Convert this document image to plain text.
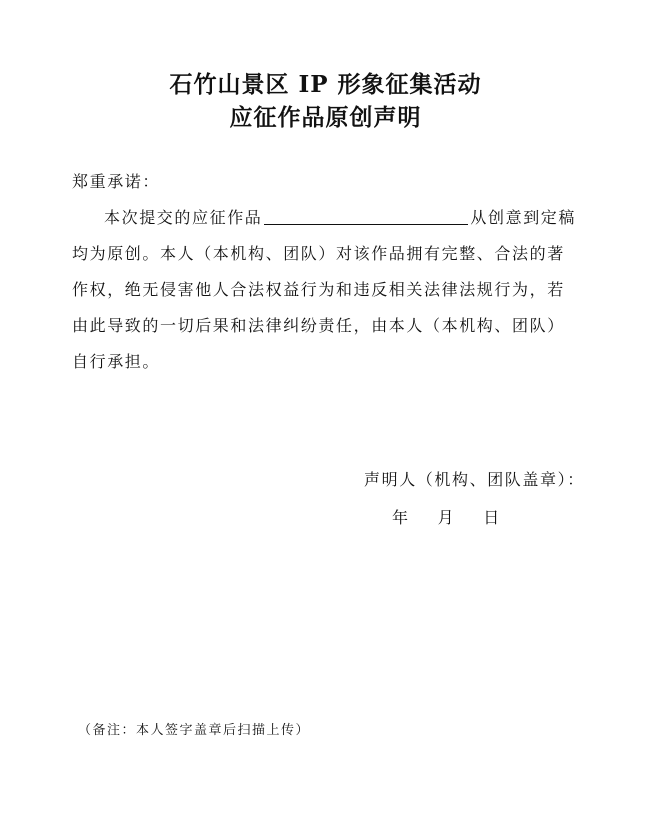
石竹山景区 IP 形象征集活动
应征作品原创声明
郑重承诺：
本次提交的应征作品	从创意到定稿
均为原创。本人（本机构、团队）对该作品拥有完整、合法的著
作权，绝无侵害他人合法权益行为和违反相关法律法规行为，若
由此导致的一切后果和法律纠纷责任，由本人（本机构、团队）
自行承担。
声明人（机构、团队盖章）：
年 月 日
（备注：本人签字盖章后扫描上传）
